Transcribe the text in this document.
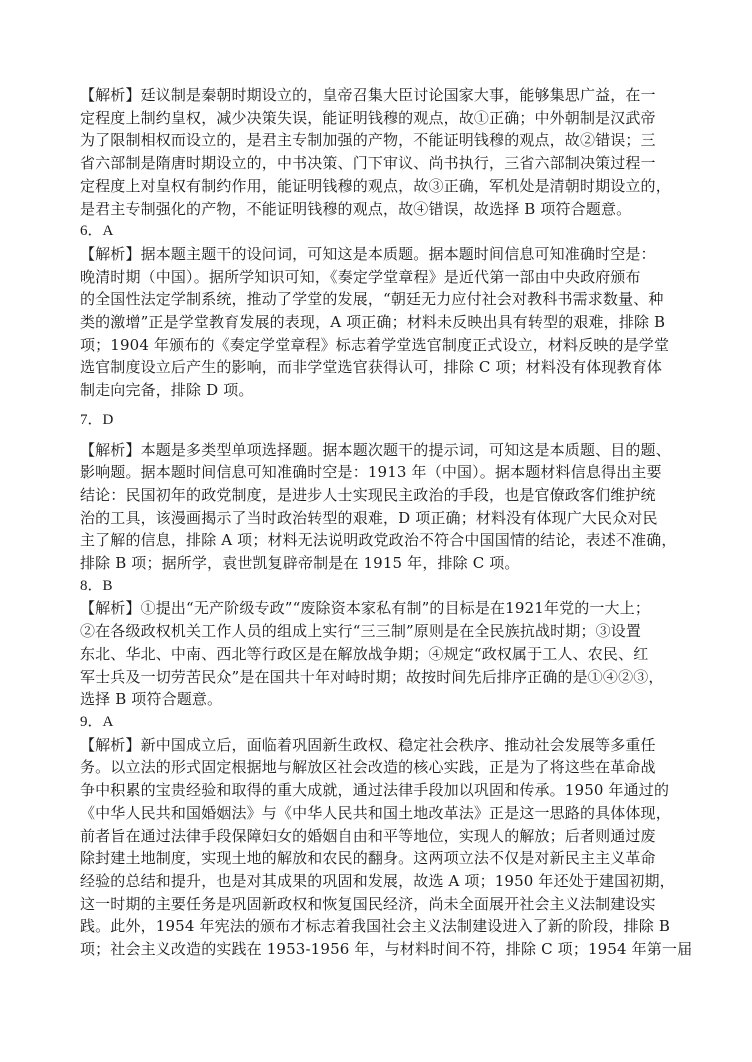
【解析】廷议制是秦朝时期设立的，皇帝召集大臣讨论国家大事，能够集思广益，在一
定程度上制约皇权，减少决策失误，能证明钱穆的观点，故①正确；中外朝制是汉武帝
为了限制相权而设立的，是君主专制加强的产物，不能证明钱穆的观点，故②错误；三
省六部制是隋唐时期设立的，中书决策、门下审议、尚书执行，三省六部制决策过程一
定程度上对皇权有制约作用，能证明钱穆的观点，故③正确，军机处是清朝时期设立的，
是君主专制强化的产物，不能证明钱穆的观点，故④错误，故选择 B 项符合题意。
6．A
【解析】据本题主题干的设问词，可知这是本质题。据本题时间信息可知准确时空是：
晚清时期（中国）。据所学知识可知，《奏定学堂章程》是近代第一部由中央政府颁布
的全国性法定学制系统，推动了学堂的发展，“朝廷无力应付社会对教科书需求数量、种
类的激增”正是学堂教育发展的表现，A 项正确；材料未反映出具有转型的艰难，排除 B
项；1904 年颁布的《奏定学堂章程》标志着学堂选官制度正式设立，材料反映的是学堂
选官制度设立后产生的影响，而非学堂选官获得认可，排除 C 项；材料没有体现教育体
制走向完备，排除 D 项。
7．D
【解析】本题是多类型单项选择题。据本题次题干的提示词，可知这是本质题、目的题、
影响题。据本题时间信息可知准确时空是：1913 年（中国）。据本题材料信息得出主要
结论：民国初年的政党制度，是进步人士实现民主政治的手段，也是官僚政客们维护统
治的工具，该漫画揭示了当时政治转型的艰难，D 项正确；材料没有体现广大民众对民
主了解的信息，排除 A 项；材料无法说明政党政治不符合中国国情的结论，表述不准确，
排除 B 项；据所学，袁世凯复辟帝制是在 1915 年，排除 C 项。
8．B
【解析】①提出“无产阶级专政”“废除资本家私有制”的目标是在1921年党的一大上；
②在各级政权机关工作人员的组成上实行“三三制”原则是在全民族抗战时期；③设置
东北、华北、中南、西北等行政区是在解放战争期；④规定“政权属于工人、农民、红
军士兵及一切劳苦民众”是在国共十年对峙时期；故按时间先后排序正确的是①④②③，
选择 B 项符合题意。
9．A
【解析】新中国成立后，面临着巩固新生政权、稳定社会秩序、推动社会发展等多重任
务。以立法的形式固定根据地与解放区社会改造的核心实践，正是为了将这些在革命战
争中积累的宝贵经验和取得的重大成就，通过法律手段加以巩固和传承。1950 年通过的
《中华人民共和国婚姻法》与《中华人民共和国土地改革法》正是这一思路的具体体现，
前者旨在通过法律手段保障妇女的婚姻自由和平等地位，实现人的解放；后者则通过废
除封建土地制度，实现土地的解放和农民的翻身。这两项立法不仅是对新民主主义革命
经验的总结和提升，也是对其成果的巩固和发展，故选 A 项；1950 年还处于建国初期，
这一时期的主要任务是巩固新政权和恢复国民经济，尚未全面展开社会主义法制建设实
践。此外，1954 年宪法的颁布才标志着我国社会主义法制建设进入了新的阶段，排除 B
项；社会主义改造的实践在 1953-1956 年，与材料时间不符，排除 C 项；1954 年第一届
